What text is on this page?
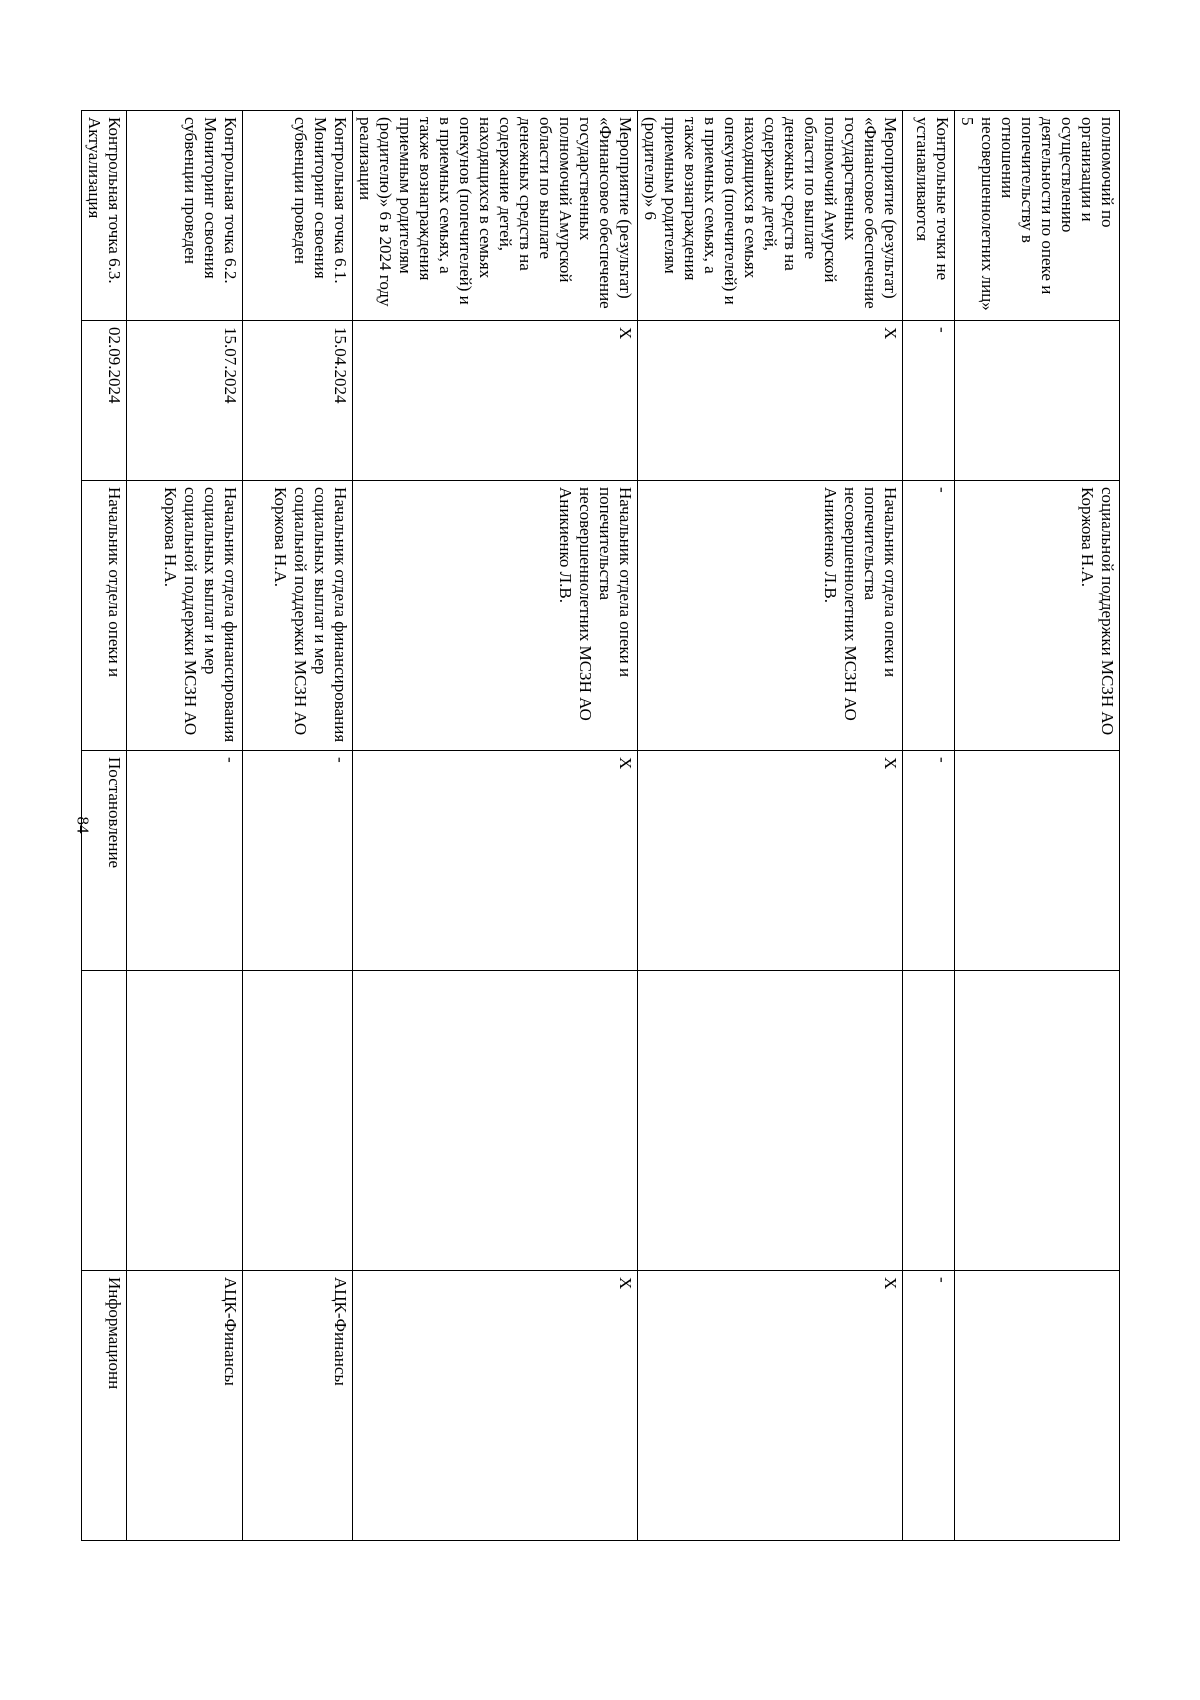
84
полномочий по организации и осуществлению деятельности по опеке и попечительству в отношении несовершеннолетних лиц» 5		социальной поддержки МСЗН АО Коржова Н.А.			
Контрольные точки не устанавливаются	-	-	-		-
Мероприятие (результат) «Финансовое обеспечение государственных полномочий Амурской области по выплате денежных средств на содержание детей, находящихся в семьях опекунов (попечителей) и в приемных семьях, а также вознаграждения приемным родителям (родителю)» 6	X	Начальник отдела опеки и попечительства несовершеннолетних МСЗН АО Аникиенко Л.В.	X		X
Мероприятие (результат) «Финансовое обеспечение государственных полномочий Амурской области по выплате денежных средств на содержание детей, находящихся в семьях опекунов (попечителей) и в приемных семьях, а также вознаграждения приемным родителям (родителю)» 6 в 2024 году реализации	X	Начальник отдела опеки и попечительства несовершеннолетних МСЗН АО Аникиенко Л.В.	X		X
Контрольная точка 6.1. Мониторинг освоения субвенции проведен	15.04.2024	Начальник отдела финансирования социальных выплат и мер социальной поддержки МСЗН АО Коржова Н.А.	-		АЦК-Финансы
Контрольная точка 6.2. Мониторинг освоения субвенции проведен	15.07.2024	Начальник отдела финансирования социальных выплат и мер социальной поддержки МСЗН АО Коржова Н.А.	-		АЦК-Финансы
Контрольная точка 6.3. Актуализация	02.09.2024	Начальник отдела опеки и	Постановление		Информационн
